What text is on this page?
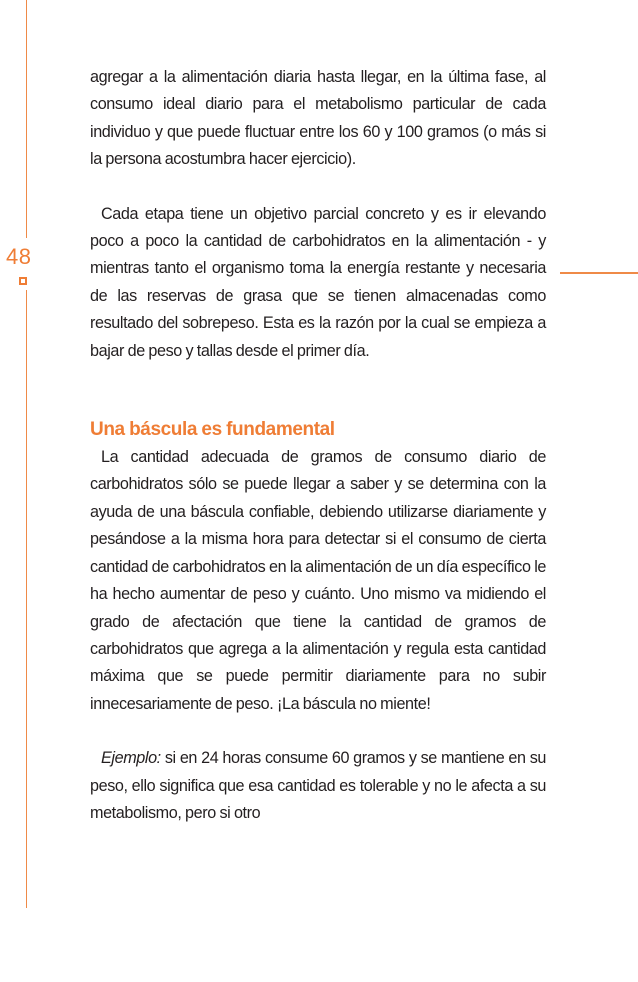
48

agregar a la alimentación diaria hasta llegar, en la última fase, al consumo ideal diario para el metabolismo particular de cada individuo y que puede fluctuar entre los 60 y 100 gramos (o más si la persona acostumbra hacer ejercicio).

Cada etapa tiene un objetivo parcial concreto y es ir elevando poco a poco la cantidad de carbohidratos en la alimentación - y mientras tanto el organismo toma la energía restante y necesaria de las reservas de grasa que se tienen almacenadas como resultado del sobrepeso. Esta es la razón por la cual se empieza a bajar de peso y tallas desde el primer día.

Una báscula es fundamental

La cantidad adecuada de gramos de consumo diario de carbohidratos sólo se puede llegar a saber y se determina con la ayuda de una báscula confiable, debiendo utilizarse diariamente y pesándose a la misma hora para detectar si el consumo de cierta cantidad de carbohidratos en la alimentación de un día específico le ha hecho aumentar de peso y cuánto. Uno mismo va midiendo el grado de afectación que tiene la cantidad de gramos de carbohidratos que agrega a la alimentación y regula esta cantidad máxima que se puede permitir diariamente para no subir innecesariamente de peso. ¡La báscula no miente!

Ejemplo: si en 24 horas consume 60 gramos y se mantiene en su peso, ello significa que esa cantidad es tolerable y no le afecta a su metabolismo, pero si otro
